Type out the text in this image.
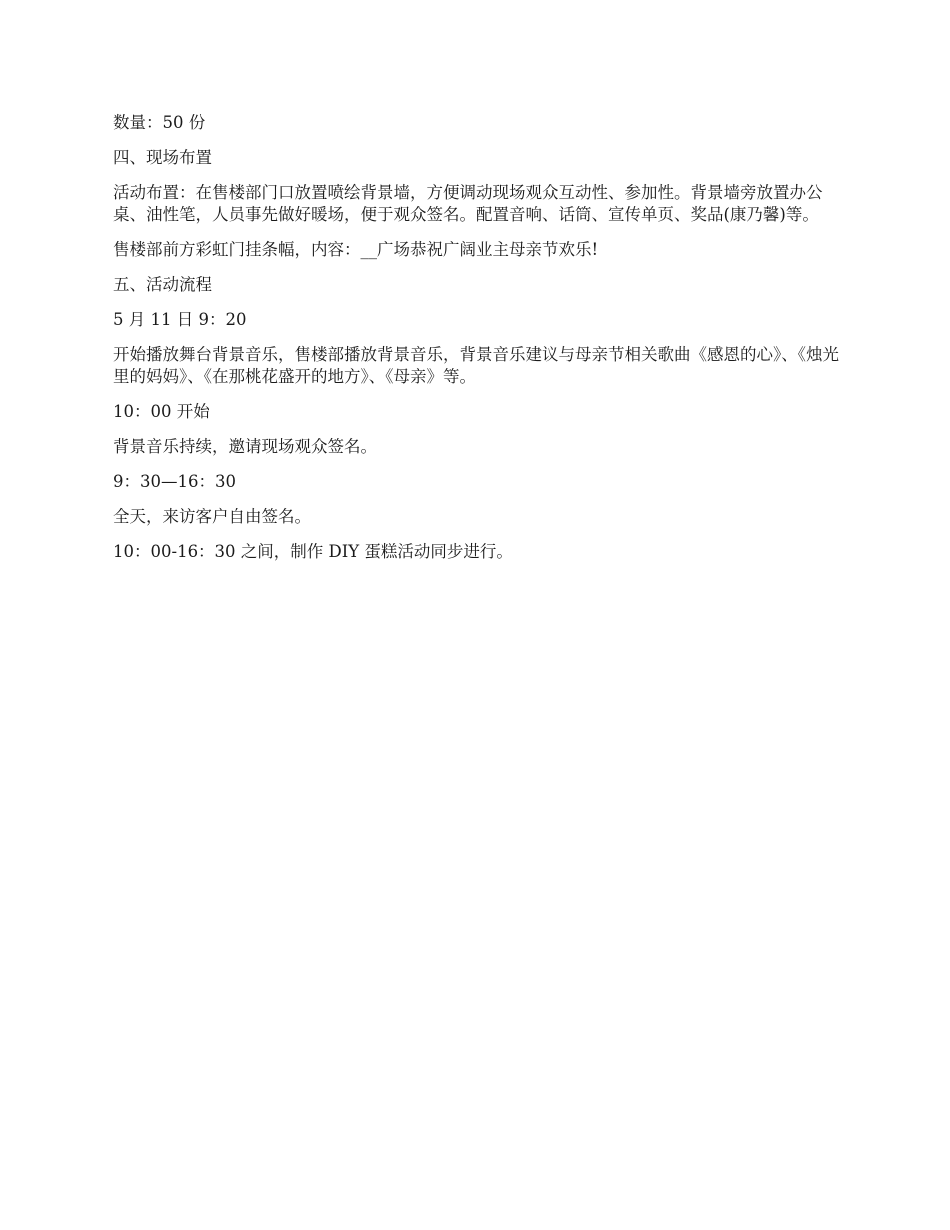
数量：50 份

四、现场布置

活动布置：在售楼部门口放置喷绘背景墙，方便调动现场观众互动性、参加性。背景墙旁放置办公桌、油性笔，人员事先做好暖场，便于观众签名。配置音响、话筒、宣传单页、奖品(康乃馨)等。

售楼部前方彩虹门挂条幅，内容：__广场恭祝广阔业主母亲节欢乐!

五、活动流程

5 月 11 日 9：20

开始播放舞台背景音乐，售楼部播放背景音乐，背景音乐建议与母亲节相关歌曲《感恩的心》、《烛光里的妈妈》、《在那桃花盛开的地方》、《母亲》等。

10：00 开始

背景音乐持续，邀请现场观众签名。

9：30—16：30

全天，来访客户自由签名。

10：00-16：30 之间，制作 DIY 蛋糕活动同步进行。
